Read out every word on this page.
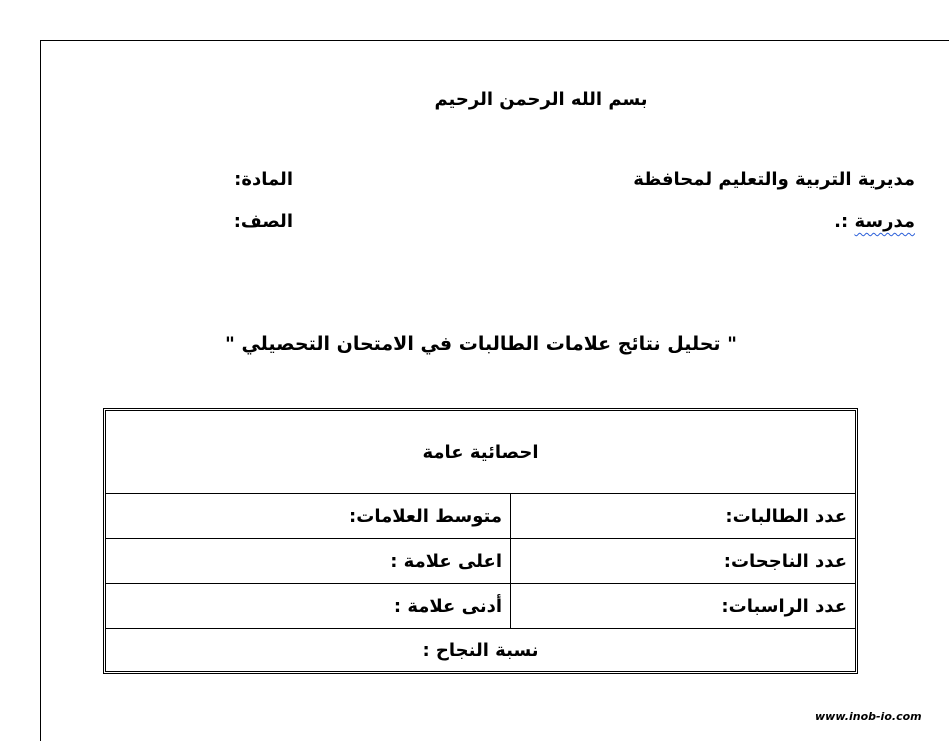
بسم الله الرحمن الرحيم
مديرية التربية والتعليم لمحافظة
مدرسة :.
المادة:
الصف:
" تحليل نتائج علامات الطالبات في الامتحان التحصيلي "
احصائية عامة
عدد الطالبات:
متوسط العلامات:
عدد الناجحات:
اعلى علامة :
عدد الراسبات:
أدنى علامة :
نسبة النجاح :
www.inob-io.com
